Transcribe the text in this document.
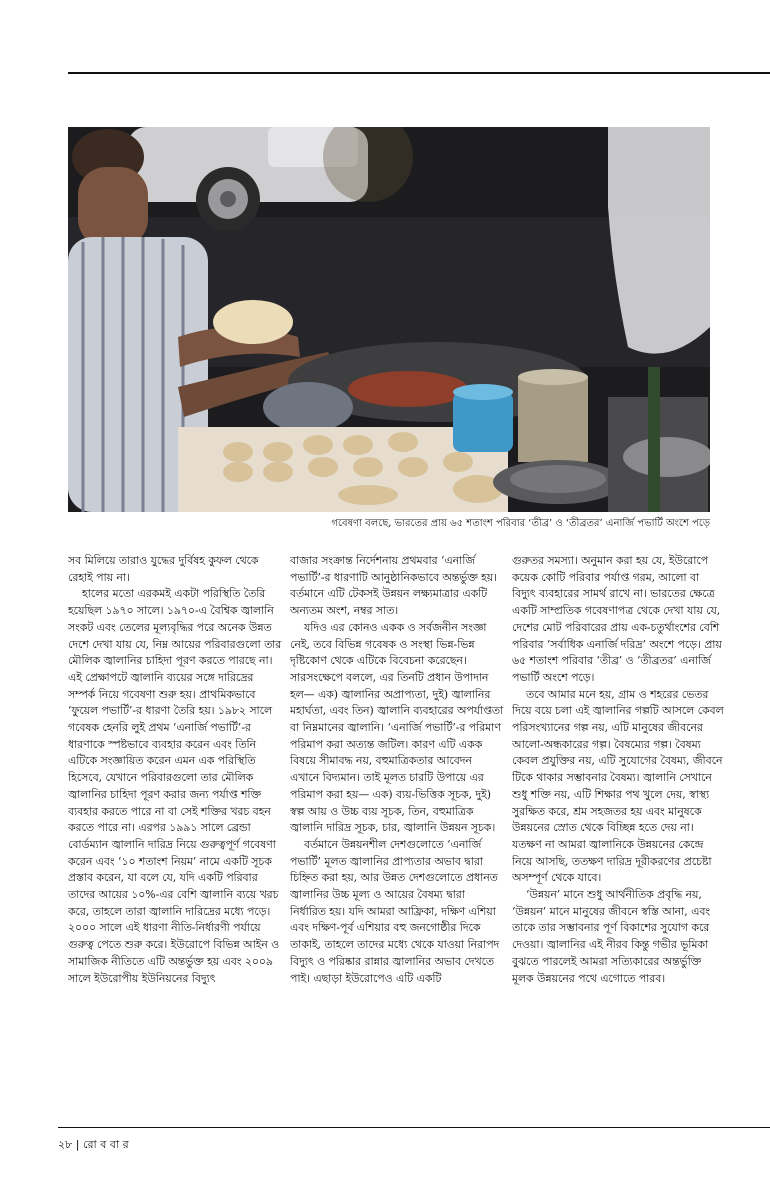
গবেষণা বলছে, ভারতের প্রায় ৬৫ শতাংশ পরিবার ‘তীব্র’ ও ‘তীব্রতর’ এনার্জি পভার্টি অংশে পড়ে

সব মিলিয়ে তারাও যুদ্ধের দুর্বিষহ কুফল থেকে রেহাই পায় না।

হালের মতো এরকমই একটা পরিস্থিতি তৈরি হয়েছিল ১৯৭০ সালে। ১৯৭০-এ বৈশ্বিক জ্বালানি সংকট এবং তেলের মূল্যবৃদ্ধির পরে অনেক উন্নত দেশে দেখা যায় যে, নিম্ন আয়ের পরিবারগুলো তার মৌলিক জ্বালানির চাহিদা পূরণ করতে পারছে না। এই প্রেক্ষাপটে জ্বালানি ব্যয়ের সঙ্গে দারিদ্রের সম্পর্ক নিয়ে গবেষণা শুরু হয়। প্রাথমিকভাবে ‘ফুয়েল পভার্টি’-র ধারণা তৈরি হয়। ১৯৮২ সালে গবেষক হেনরি লুই প্রথম ‘এনার্জি পভার্টি’-র ধারণাকে স্পষ্টভাবে ব্যবহার করেন এবং তিনি এটিকে সংজ্ঞায়িত করেন এমন এক পরিস্থিতি হিসেবে, যেখানে পরিবারগুলো তার মৌলিক জ্বালানির চাহিদা পূরণ করার জন্য পর্যাপ্ত শক্তি ব্যবহার করতে পারে না বা সেই শক্তির খরচ বহন করতে পারে না। এরপর ১৯৯১ সালে ব্রেন্ডা বোর্ডম্যান জ্বালানি দারিদ্র নিয়ে গুরুত্বপূর্ণ গবেষণা করেন এবং ‘১০ শতাংশ নিয়ম’ নামে একটি সূচক প্রস্তাব করেন, যা বলে যে, যদি একটি পরিবার তাদের আয়ের ১০%-এর বেশি জ্বালানি ব্যয়ে খরচ করে, তাহলে তারা জ্বালানি দারিদ্রের মধ্যে পড়ে। ২০০০ সালে এই ধারণা নীতি-নির্ধারণী পর্যায়ে গুরুত্ব পেতে শুরু করে। ইউরোপে বিভিন্ন আইন ও সামাজিক নীতিতে এটি অন্তর্ভুক্ত হয় এবং ২০০৯ সালে ইউরোপীয় ইউনিয়নের বিদ্যুৎ

বাজার সংক্রান্ত নির্দেশনায় প্রথমবার ‘এনার্জি পভার্টি’-র ধারণাটি আনুষ্ঠানিকভাবে অন্তর্ভুক্ত হয়। বর্তমানে এটি টেকসই উন্নয়ন লক্ষ্যমাত্রার একটি অন্যতম অংশ, নম্বর সাত।

যদিও এর কোনও একক ও সর্বজনীন সংজ্ঞা নেই, তবে বিভিন্ন গবেষক ও সংস্থা ভিন্ন-ভিন্ন দৃষ্টিকোণ থেকে এটিকে বিবেচনা করেছেন। সারসংক্ষেপে বললে, এর তিনটি প্রধান উপাদান হল— এক) জ্বালানির অপ্রাপ্যতা, দুই) জ্বালানির মহার্ঘতা, এবং তিন) জ্বালানি ব্যবহারের অপর্যাপ্ততা বা নিম্নমানের জ্বালানি। ‘এনার্জি পভার্টি’-র পরিমাণ পরিমাপ করা অত্যন্ত জটিল। কারণ এটি একক বিষয়ে সীমাবদ্ধ নয়, বহুমাত্রিকতার আবেদন এখানে বিদ্যমান। তাই মূলত চারটি উপায়ে এর পরিমাপ করা হয়— এক) ব্যয়-ভিত্তিক সূচক, দুই) স্বল্প আয় ও উচ্চ ব্যয় সূচক, তিন, বহুমাত্রিক জ্বালানি দারিদ্র সূচক, চার, জ্বালানি উন্নয়ন সূচক।

বর্তমানে উন্নয়নশীল দেশগুলোতে ‘এনার্জি পভার্টি’ মূলত জ্বালানির প্রাপ্যতার অভাব দ্বারা চিহ্নিত করা হয়, আর উন্নত দেশগুলোতে প্রধানত জ্বালানির উচ্চ মূল্য ও আয়ের বৈষম্য দ্বারা নির্ধারিত হয়। যদি আমরা আফ্রিকা, দক্ষিণ এশিয়া এবং দক্ষিণ-পূর্ব এশিয়ার বহু জনগোষ্ঠীর দিকে তাকাই, তাহলে তাদের মধ্যে থেকে যাওয়া নিরাপদ বিদ্যুৎ ও পরিষ্কার রান্নার জ্বালানির অভাব দেখতে পাই। এছাড়া ইউরোপেও এটি একটি

গুরুতর সমস্যা। অনুমান করা হয় যে, ইউরোপে কয়েক কোটি পরিবার পর্যাপ্ত গরম, আলো বা বিদ্যুৎ ব্যবহারের সামর্থ রাখে না। ভারতের ক্ষেত্রে একটি সাম্প্রতিক গবেষণাপত্র থেকে দেখা যায় যে, দেশের মোট পরিবারের প্রায় এক-চতুর্থাংশের বেশি পরিবার ‘সর্বাধিক এনার্জি দরিদ্র’ অংশে পড়ে। প্রায় ৬৫ শতাংশ পরিবার ‘তীব্র’ ও ‘তীব্রতর’ এনার্জি পভার্টি অংশে পড়ে।

তবে আমার মনে হয়, গ্রাম ও শহরের ভেতর দিয়ে বয়ে চলা এই জ্বালানির গল্পটি আসলে কেবল পরিসংখ্যানের গল্প নয়, এটি মানুষের জীবনের আলো-অন্ধকারের গল্প। বৈষম্যের গল্প। বৈষম্য কেবল প্রযুক্তির নয়, এটি সুযোগের বৈষম্য, জীবনে টিকে থাকার সম্ভাবনার বৈষম্য। জ্বালানি সেখানে শুধু শক্তি নয়, এটি শিক্ষার পথ খুলে দেয়, স্বাস্থ্য সুরক্ষিত করে, শ্রম সহজতর হয় এবং মানুষকে উন্নয়নের স্রোত থেকে বিচ্ছিন্ন হতে দেয় না। যতক্ষণ না আমরা জ্বালানিকে উন্নয়নের কেন্দ্রে নিয়ে আসছি, ততক্ষণ দারিদ্র দূরীকরণের প্রচেষ্টা অসম্পূর্ণ থেকে যাবে।

‘উন্নয়ন’ মানে শুধু আর্থনীতিক প্রবৃদ্ধি নয়, ‘উন্নয়ন’ মানে মানুষের জীবনে স্বস্তি আনা, এবং তাকে তার সম্ভাবনার পূর্ণ বিকাশের সুযোগ করে দেওয়া। জ্বালানির এই নীরব কিন্তু গভীর ভূমিকা বুঝতে পারলেই আমরা সত্যিকারের অন্তর্ভুক্তি মূলক উন্নয়নের পথে এগোতে পারব।

২৮ | রো ব বা র
